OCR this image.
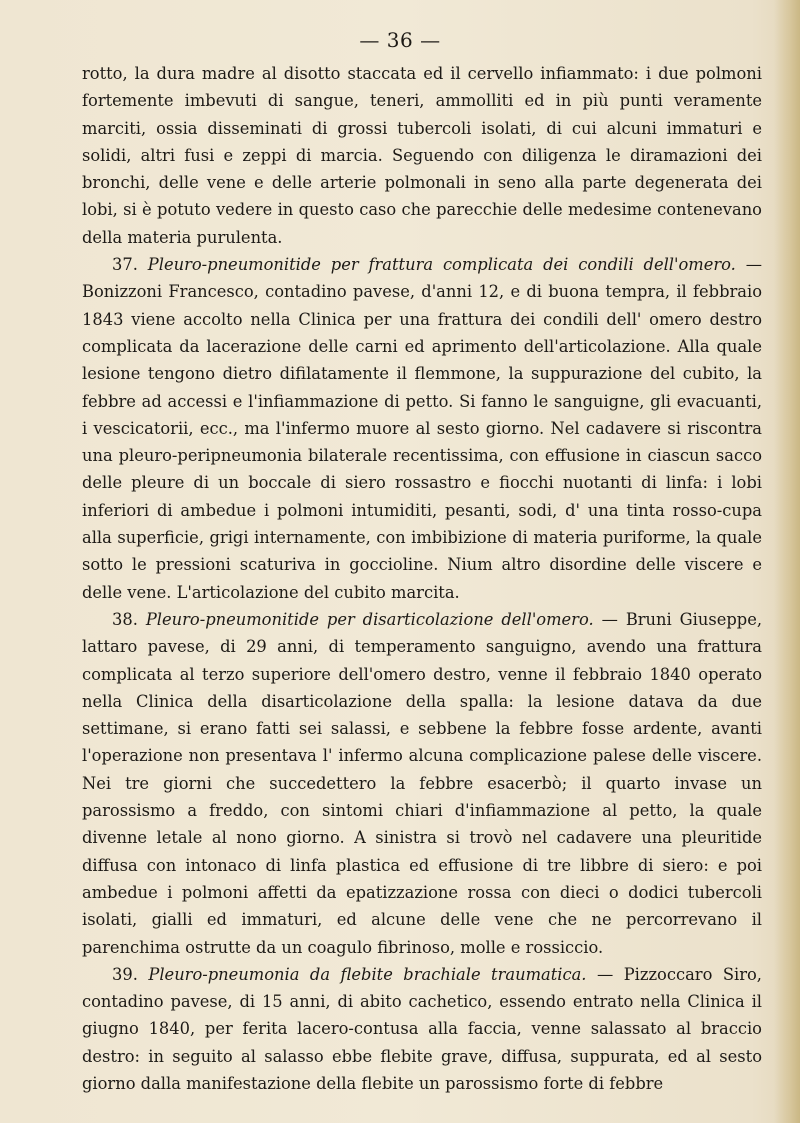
— 36 —

rotto, la dura madre al disotto staccata ed il cervello infiammato: i due polmoni fortemente imbevuti di sangue, teneri, ammolliti ed in più punti veramente marciti, ossia disseminati di grossi tubercoli isolati, di cui alcuni immaturi e solidi, altri fusi e zeppi di marcia. Seguendo con diligenza le diramazioni dei bronchi, delle vene e delle arterie polmonali in seno alla parte degenerata dei lobi, si è potuto vedere in questo caso che parecchie delle medesime contenevano della materia purulenta.

37. Pleuro-pneumonitide per frattura complicata dei condili dell'omero. — Bonizzoni Francesco, contadino pavese, d'anni 12, e di buona tempra, il febbraio 1843 viene accolto nella Clinica per una frattura dei condili dell' omero destro complicata da lacerazione delle carni ed aprimento dell'articolazione. Alla quale lesione tengono dietro difilatamente il flemmone, la suppurazione del cubito, la febbre ad accessi e l'infiammazione di petto. Si fanno le sanguigne, gli evacuanti, i vescicatorii, ecc., ma l'infermo muore al sesto giorno. Nel cadavere si riscontra una pleuro-peripneumonia bilaterale recentissima, con effusione in ciascun sacco delle pleure di un boccale di siero rossastro e fiocchi nuotanti di linfa: i lobi inferiori di ambedue i polmoni intumiditi, pesanti, sodi, d' una tinta rosso-cupa alla superficie, grigi internamente, con imbibizione di materia puriforme, la quale sotto le pressioni scaturiva in goccioline. Nium altro disordine delle viscere e delle vene. L'articolazione del cubito marcita.

38. Pleuro-pneumonitide per disarticolazione dell'omero. — Bruni Giuseppe, lattaro pavese, di 29 anni, di temperamento sanguigno, avendo una frattura complicata al terzo superiore dell'omero destro, venne il febbraio 1840 operato nella Clinica della disarticolazione della spalla: la lesione datava da due settimane, si erano fatti sei salassi, e sebbene la febbre fosse ardente, avanti l'operazione non presentava l' infermo alcuna complicazione palese delle viscere. Nei tre giorni che succedettero la febbre esacerbò; il quarto invase un parossismo a freddo, con sintomi chiari d'infiammazione al petto, la quale divenne letale al nono giorno. A sinistra si trovò nel cadavere una pleuritide diffusa con intonaco di linfa plastica ed effusione di tre libbre di siero: e poi ambedue i polmoni affetti da epatizzazione rossa con dieci o dodici tubercoli isolati, gialli ed immaturi, ed alcune delle vene che ne percorrevano il parenchima ostrutte da un coagulo fibrinoso, molle e rossiccio.

39. Pleuro-pneumonia da flebite brachiale traumatica. — Pizzoccaro Siro, contadino pavese, di 15 anni, di abito cachetico, essendo entrato nella Clinica il giugno 1840, per ferita lacero-contusa alla faccia, venne salassato al braccio destro: in seguito al salasso ebbe flebite grave, diffusa, suppurata, ed al sesto giorno dalla manifestazione della flebite un parossismo forte di febbre
